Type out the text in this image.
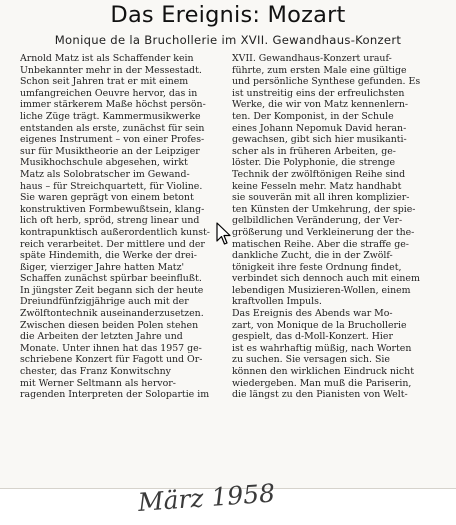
Das Ereignis: Mozart
Monique de la Bruchollerie im XVII. Gewandhaus-Konzert
Arnold Matz ist als Schaffender kein
Unbekannter mehr in der Messestadt.
Schon seit Jahren trat er mit einem
umfangreichen Oeuvre hervor, das in
immer stärkerem Maße höchst persön-
liche Züge trägt. Kammermusikwerke
entstanden als erste, zunächst für sein
eigenes Instrument – von einer Profes-
sur für Musiktheorie an der Leipziger
Musikhochschule abgesehen, wirkt
Matz als Solobratscher im Gewand-
haus – für Streichquartett, für Violine.
Sie waren geprägt von einem betont
konstruktiven Formbewußtsein, klang-
lich oft herb, spröd, streng linear und
kontrapunktisch außerordentlich kunst-
reich verarbeitet. Der mittlere und der
späte Hindemith, die Werke der drei-
ßiger, vierziger Jahre hatten Matz'
Schaffen zunächst spürbar beeinflußt.
In jüngster Zeit begann sich der heute
Dreiundfünfzigjährige auch mit der
Zwölftontechnik auseinanderzusetzen.
Zwischen diesen beiden Polen stehen
die Arbeiten der letzten Jahre und
Monate. Unter ihnen hat das 1957 ge-
schriebene Konzert für Fagott und Or-
chester, das Franz Konwitschny
mit Werner Seltmann als hervor-
ragenden Interpreten der Solopartie im
XVII. Gewandhaus-Konzert urauf-
führte, zum ersten Male eine gültige
und persönliche Synthese gefunden. Es
ist unstreitig eins der erfreulichsten
Werke, die wir von Matz kennenlern-
ten. Der Komponist, in der Schule
eines Johann Nepomuk David heran-
gewachsen, gibt sich hier musikanti-
scher als in früheren Arbeiten, ge-
löster. Die Polyphonie, die strenge
Technik der zwölftönigen Reihe sind
keine Fesseln mehr. Matz handhabt
sie souverän mit all ihren komplizier-
ten Künsten der Umkehrung, der spie-
gelbildlichen Veränderung, der Ver-
größerung und Verkleinerung der the-
matischen Reihe. Aber die straffe ge-
dankliche Zucht, die in der Zwölf-
tönigkeit ihre feste Ordnung findet,
verbindet sich dennoch auch mit einem
lebendigen Musizieren-Wollen, einem
kraftvollen Impuls.
Das Ereignis des Abends war Mo-
zart, von Monique de la Bruchollerie
gespielt, das d-Moll-Konzert. Hier
ist es wahrhaftig müßig, nach Worten
zu suchen. Sie versagen sich. Sie
können den wirklichen Eindruck nicht
wiedergeben. Man muß die Pariserin,
die längst zu den Pianisten von Welt-
März 1958
